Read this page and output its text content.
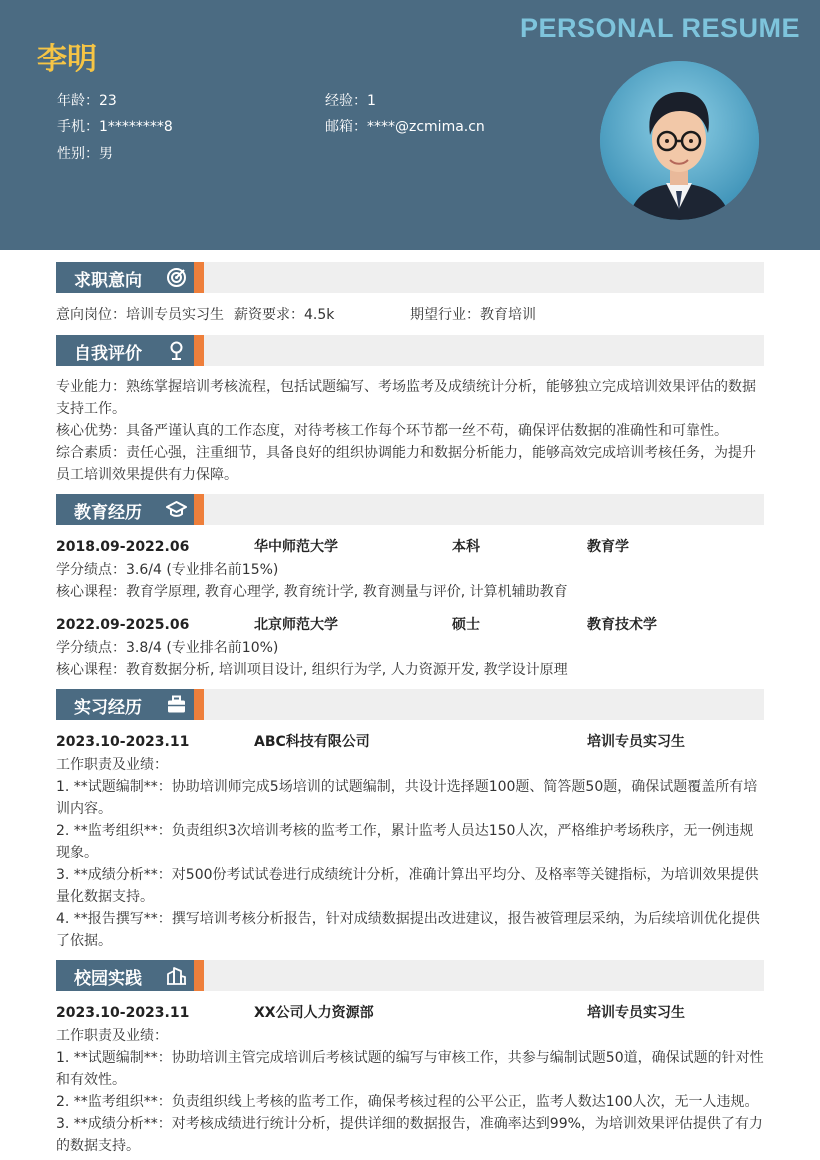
PERSONAL RESUME
李明
年龄：23	经验：1
手机：1********8	邮箱：****@zcmima.cn
性别：男
求职意向
意向岗位：培训专员实习生 薪资要求：4.5k	期望行业：教育培训
自我评价
专业能力：熟练掌握培训考核流程，包括试题编写、考场监考及成绩统计分析，能够独立完成培训效果评估的数据支持工作。
核心优势：具备严谨认真的工作态度，对待考核工作每个环节都一丝不苟，确保评估数据的准确性和可靠性。
综合素质：责任心强，注重细节，具备良好的组织协调能力和数据分析能力，能够高效完成培训考核任务，为提升员工培训效果提供有力保障。
教育经历
2018.09-2022.06	华中师范大学	本科	教育学
学分绩点：3.6/4 (专业排名前15%)
核心课程：教育学原理, 教育心理学, 教育统计学, 教育测量与评价, 计算机辅助教育
2022.09-2025.06	北京师范大学	硕士	教育技术学
学分绩点：3.8/4 (专业排名前10%)
核心课程：教育数据分析, 培训项目设计, 组织行为学, 人力资源开发, 教学设计原理
实习经历
2023.10-2023.11	ABC科技有限公司	培训专员实习生
工作职责及业绩：
1. **试题编制**：协助培训师完成5场培训的试题编制，共设计选择题100题、简答题50题，确保试题覆盖所有培训内容。
2. **监考组织**：负责组织3次培训考核的监考工作，累计监考人员达150人次，严格维护考场秩序，无一例违规现象。
3. **成绩分析**：对500份考试试卷进行成绩统计分析，准确计算出平均分、及格率等关键指标，为培训效果提供量化数据支持。
4. **报告撰写**：撰写培训考核分析报告，针对成绩数据提出改进建议，报告被管理层采纳，为后续培训优化提供了依据。
校园实践
2023.10-2023.11	XX公司人力资源部	培训专员实习生
工作职责及业绩：
1. **试题编制**：协助培训主管完成培训后考核试题的编写与审核工作，共参与编制试题50道，确保试题的针对性和有效性。
2. **监考组织**：负责组织线上考核的监考工作，确保考核过程的公平公正，监考人数达100人次，无一人违规。
3. **成绩分析**：对考核成绩进行统计分析，提供详细的数据报告，准确率达到99%，为培训效果评估提供了有力的数据支持。
